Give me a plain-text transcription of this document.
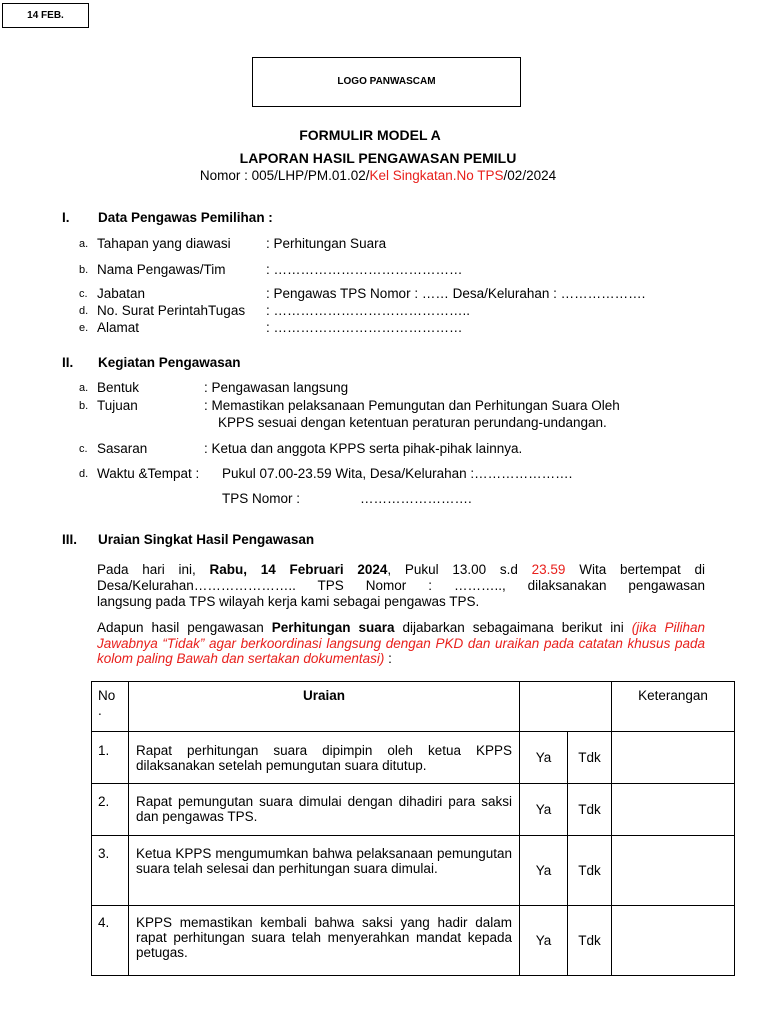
14 FEB.
LOGO PANWASCAM
FORMULIR MODEL A
LAPORAN HASIL PENGAWASAN PEMILU
Nomor : 005/LHP/PM.01.02/Kel Singkatan.No TPS/02/2024
I. Data Pengawas Pemilihan :
a. Tahapan yang diawasi	: Perhitungan Suara
b. Nama Pengawas/Tim	: ……………………………………
c. Jabatan	: Pengawas TPS Nomor : …… Desa/Kelurahan : ……………….
d. No. Surat PerintahTugas : ……………………………………..
e. Alamat	: ……………………………………
II. Kegiatan Pengawasan
a. Bentuk	: Pengawasan langsung
b. Tujuan	: Memastikan pelaksanaan Pemungutan dan Perhitungan Suara Oleh
KPPS sesuai dengan ketentuan peraturan perundang-undangan.
c. Sasaran	: Ketua dan anggota KPPS serta pihak-pihak lainnya.
d. Waktu &Tempat : Pukul 07.00-23.59 Wita, Desa/Kelurahan :………………….
TPS Nomor :	…………………….
III. Uraian Singkat Hasil Pengawasan
Pada hari ini, Rabu, 14 Februari 2024, Pukul 13.00 s.d 23.59 Wita bertempat di
Desa/Kelurahan………………….. TPS Nomor : ……….., dilaksanakan pengawasan
langsung pada TPS wilayah kerja kami sebagai pengawas TPS.
Adapun hasil pengawasan Perhitungan suara dijabarkan sebagaimana berikut ini (jika Pilihan Jawabnya “Tidak” agar berkoordinasi langsung dengan PKD dan uraikan pada catatan khusus pada kolom paling Bawah dan sertakan dokumentasi) :
No
.	Uraian			Keterangan
1.	Rapat perhitungan suara dipimpin oleh ketua KPPS dilaksanakan setelah pemungutan suara ditutup.	Ya	Tdk	
2.	Rapat pemungutan suara dimulai dengan dihadiri para saksi dan pengawas TPS.	Ya	Tdk	
3.	Ketua KPPS mengumumkan bahwa pelaksanaan pemungutan suara telah selesai dan perhitungan suara dimulai.	Ya	Tdk	
4.	KPPS memastikan kembali bahwa saksi yang hadir dalam rapat perhitungan suara telah menyerahkan mandat kepada petugas.	Ya	Tdk	
